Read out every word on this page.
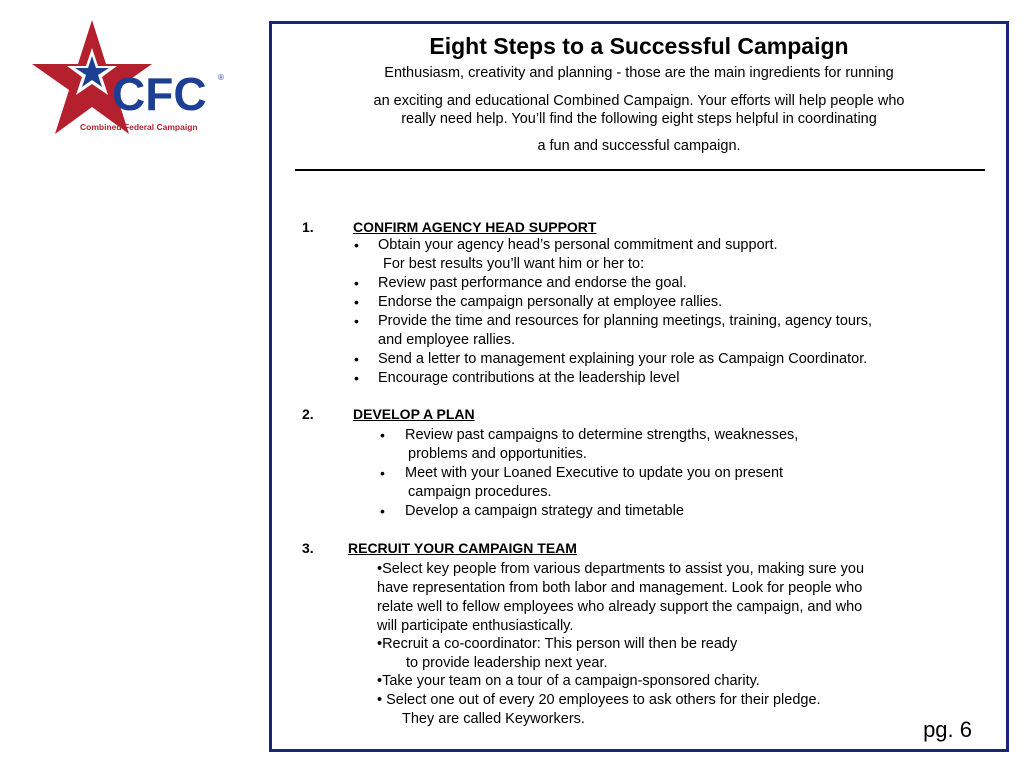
CFC ®
Combined Federal Campaign
Eight Steps to a Successful Campaign

Enthusiasm, creativity and planning - those are the main ingredients for running

an exciting and educational Combined Campaign. Your efforts will help people who

really need help. You’ll find the following eight steps helpful in coordinating

a fun and successful campaign.

1.	CONFIRM AGENCY HEAD SUPPORT
• Obtain your agency head’s personal commitment and support.
For best results you’ll want him or her to:
• Review past performance and endorse the goal.
• Endorse the campaign personally at employee rallies.
• Provide the time and resources for planning meetings, training, agency tours,
and employee rallies.
• Send a letter to management explaining your role as Campaign Coordinator.
• Encourage contributions at the leadership level
2.	DEVELOP A PLAN
• Review past campaigns to determine strengths, weaknesses,
problems and opportunities.
• Meet with your Loaned Executive to update you on present
campaign procedures.
• Develop a campaign strategy and timetable
3. RECRUIT YOUR CAMPAIGN TEAM
•Select key people from various departments to assist you, making sure you
have representation from both labor and management. Look for people who
relate well to fellow employees who already support the campaign, and who
will participate enthusiastically.
•Recruit a co-coordinator: This person will then be ready
to provide leadership next year.
•Take your team on a tour of a campaign-sponsored charity.
• Select one out of every 20 employees to ask others for their pledge.
They are called Keyworkers.	pg. 6
